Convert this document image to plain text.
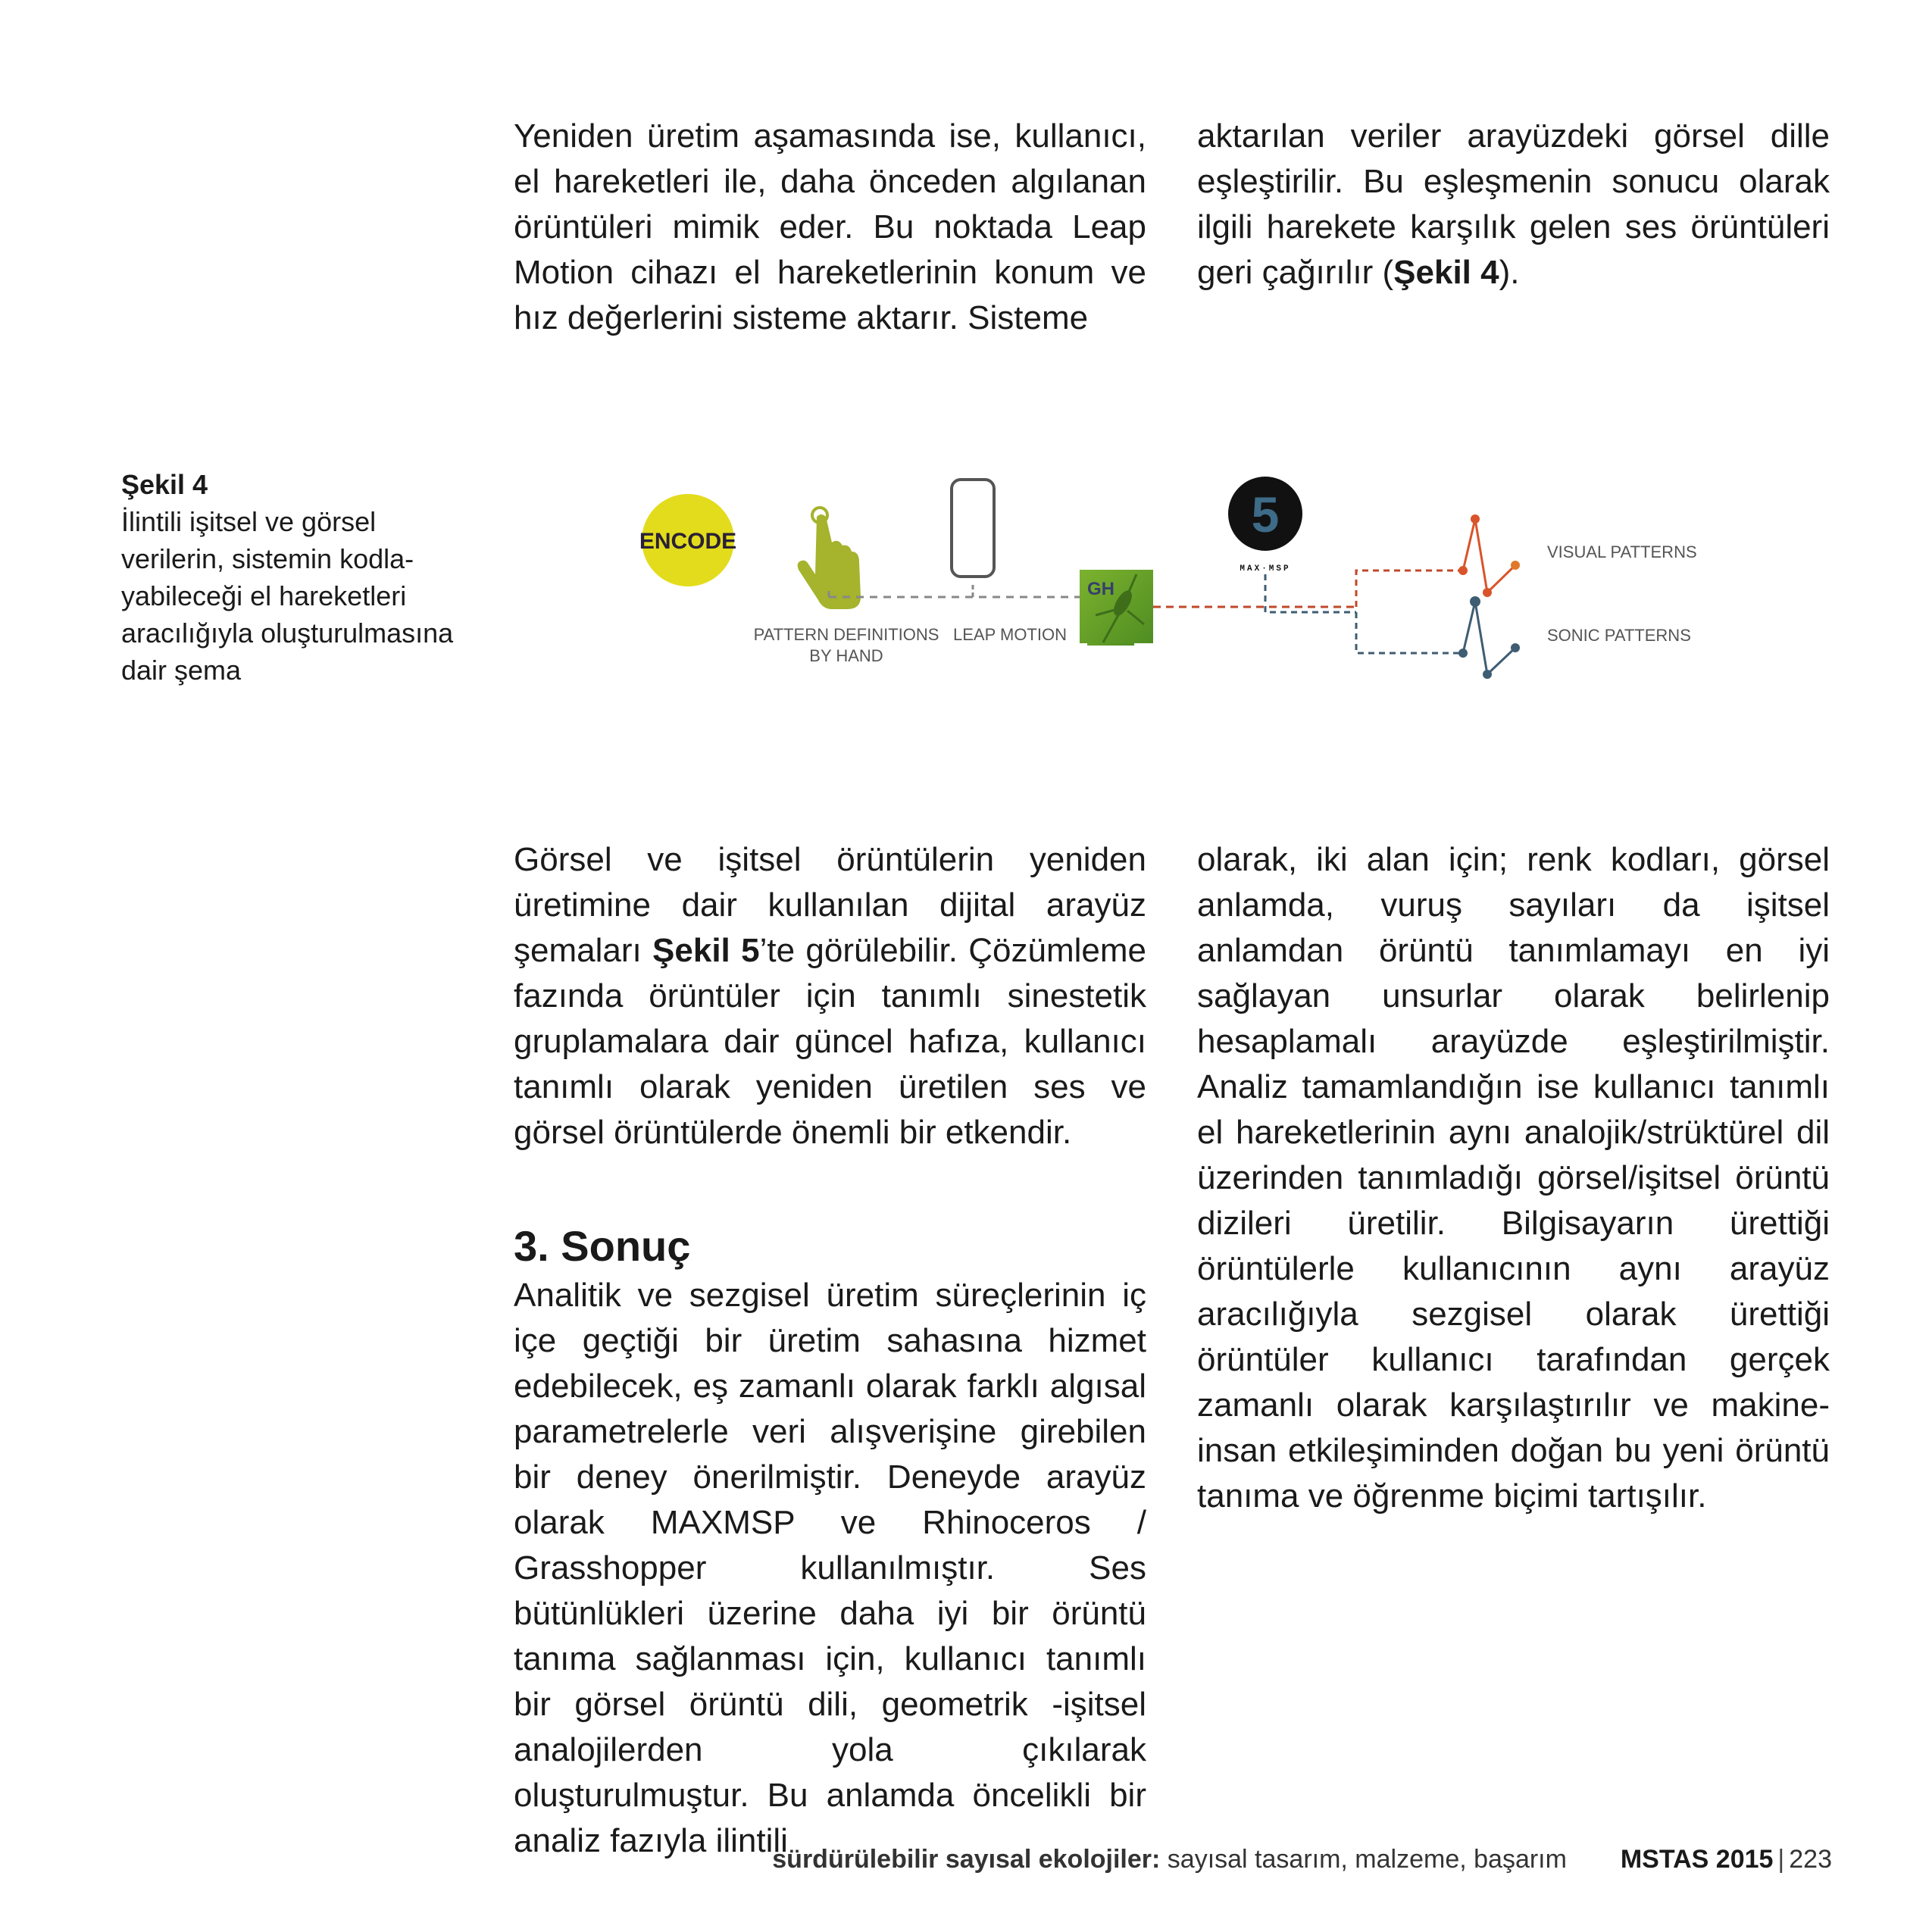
Yeniden üretim aşamasında ise, kullanıcı, el hareketleri ile, daha önceden algılanan örüntüleri mimik eder. Bu noktada Leap Motion cihazı el hareketlerinin konum ve hız değerlerini sisteme aktarır. Sisteme

aktarılan veriler arayüzdeki görsel dille eşleştirilir. Bu eşleşmenin sonucu olarak ilgili harekete karşılık gelen ses örüntüleri geri çağırılır (Şekil 4).

Şekil 4
İlintili işitsel ve görsel verilerin, sistemin kodla-yabileceği el hareketleri aracılığıyla oluşturulmasına dair şema
ENCODE
GH
5
MAX·MSP
PATTERN DEFINITIONS
BY HAND
LEAP MOTION
VISUAL PATTERNS
SONIC PATTERNS

Görsel ve işitsel örüntülerin yeniden üretimine dair kullanılan dijital arayüz şemaları Şekil 5’te görülebilir. Çözümleme fazında örüntüler için tanımlı sinestetik gruplamalara dair güncel hafıza, kullanıcı tanımlı olarak yeniden üretilen ses ve görsel örüntülerde önemli bir etkendir.

olarak, iki alan için; renk kodları, görsel anlamda, vuruş sayıları da işitsel anlamdan örüntü tanımlamayı en iyi sağlayan unsurlar olarak belirlenip hesaplamalı arayüzde eşleştirilmiştir. Analiz tamamlandığın ise kullanıcı tanımlı el hareketlerinin aynı analojik/strüktürel dil üzerinden tanımladığı görsel/işitsel örüntü dizileri üretilir. Bilgisayarın ürettiği örüntülerle kullanıcının aynı arayüz aracılığıyla sezgisel olarak ürettiği örüntüler kullanıcı tarafından gerçek zamanlı olarak karşılaştırılır ve makine-insan etkileşiminden doğan bu yeni örüntü tanıma ve öğrenme biçimi tartışılır.

3. Sonuç

Analitik ve sezgisel üretim süreçlerinin iç içe geçtiği bir üretim sahasına hizmet edebilecek, eş zamanlı olarak farklı algısal parametrelerle veri alışverişine girebilen bir deney önerilmiştir. Deneyde arayüz olarak MAXMSP ve Rhinoceros / Grasshopper kullanılmıştır. Ses bütünlükleri üzerine daha iyi bir örüntü tanıma sağlanması için, kullanıcı tanımlı bir görsel örüntü dili, geometrik -işitsel analojilerden yola çıkılarak oluşturulmuştur. Bu anlamda öncelikli bir analiz fazıyla ilintili

sürdürülebilir sayısal ekolojiler: sayısal tasarım, malzeme, başarım MSTAS 2015 | 223
